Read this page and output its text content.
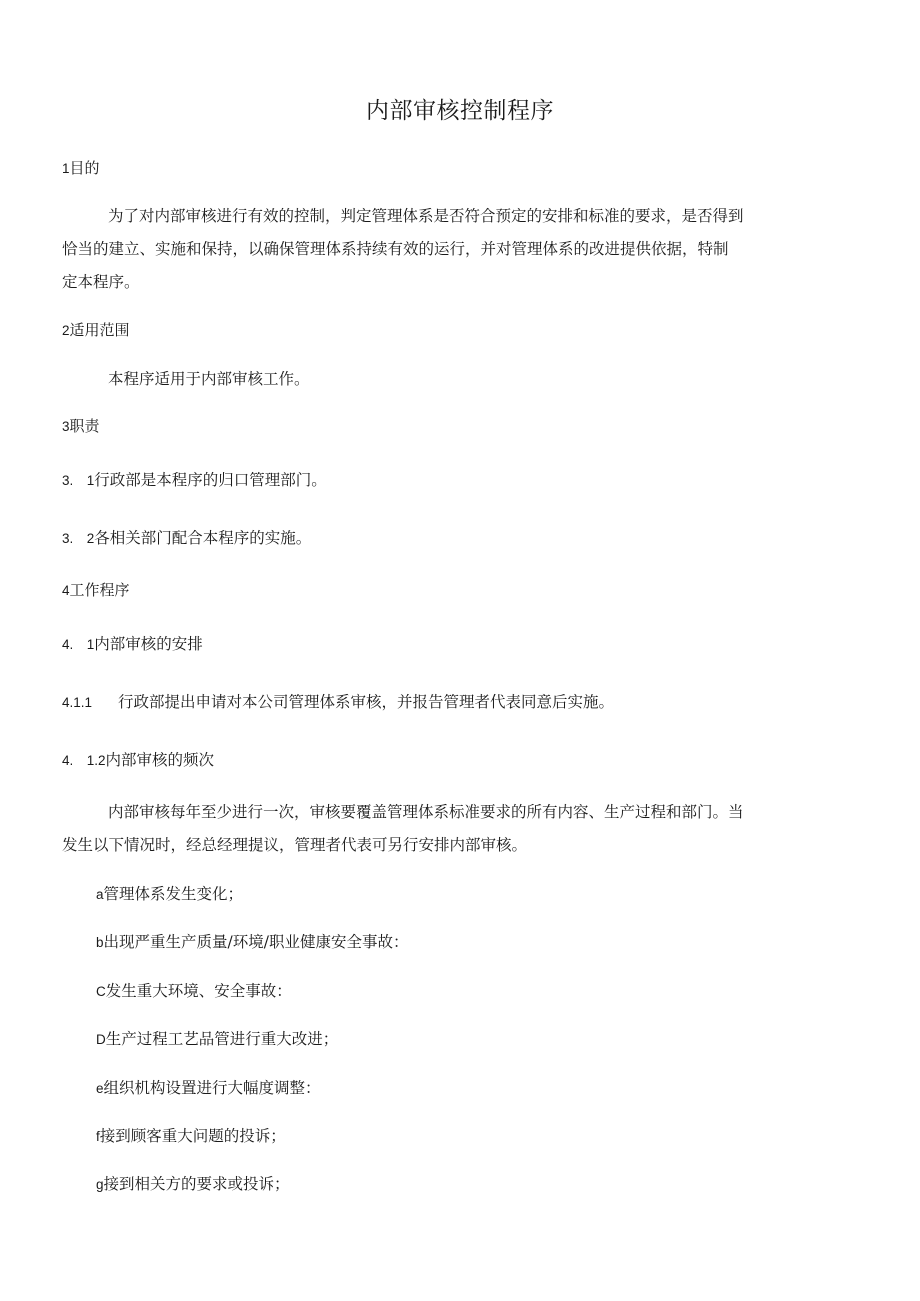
内部审核控制程序
1目的
为了对内部审核进行有效的控制，判定管理体系是否符合预定的安排和标准的要求，是否得到
恰当的建立、实施和保持，以确保管理体系持续有效的运行，并对管理体系的改进提供依据，特制
定本程序。
2适用范围
本程序适用于内部审核工作。
3职责
3.　1行政部是本程序的归口管理部门。
3.　2各相关部门配合本程序的实施。
4工作程序
4.　1内部审核的安排
4.1.1 行政部提出申请对本公司管理体系审核，并报告管理者代表同意后实施。
4.　1.2内部审核的频次
内部审核每年至少进行一次，审核要覆盖管理体系标准要求的所有内容、生产过程和部门。当
发生以下情况时，经总经理提议，管理者代表可另行安排内部审核。
a管理体系发生变化；
b出现严重生产质量/环境/职业健康安全事故：
C发生重大环境、安全事故：
D生产过程工艺品管进行重大改进；
e组织机构设置进行大幅度调整：
f接到顾客重大问题的投诉；
g接到相关方的要求或投诉；
